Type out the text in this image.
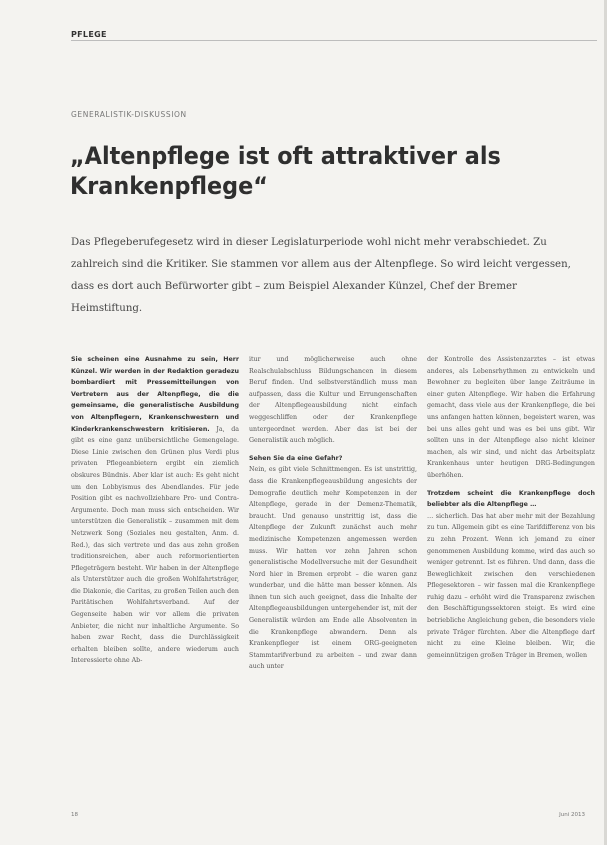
PFLEGE
GENERALISTIK-DISKUSSION
„Altenpflege ist oft attraktiver als Krankenpflege“

Das Pflegeberufegesetz wird in dieser Legislaturperiode wohl nicht mehr verabschiedet. Zu zahlreich sind die Kritiker. Sie stammen vor allem aus der Altenpflege. So wird leicht vergessen, dass es dort auch Befürworter gibt – zum Beispiel Alexander Künzel, Chef der Bremer Heimstiftung.

Sie scheinen eine Ausnahme zu sein, Herr Künzel. Wir werden in der Redaktion geradezu bombardiert mit Pressemitteilungen von Vertretern aus der Altenpflege, die die gemeinsame, die generalistische Ausbildung von Altenpflegern, Krankenschwestern und Kinderkrankenschwestern kritisieren. Ja, da gibt es eine ganz unübersichtliche Gemengelage. Diese Linie zwischen den Grünen plus Verdi plus privaten Pflegeanbietern ergibt ein ziemlich obskures Bündnis. Aber klar ist auch: Es geht nicht um den Lobbyismus des Abendlandes. Für jede Position gibt es nachvollziehbare Pro- und Contra-Argumente. Doch man muss sich entscheiden. Wir unterstützen die Generalistik – zusammen mit dem Netzwerk Song (Soziales neu gestalten, Anm. d. Red.), das sich vertrete und das aus zehn großen traditionsreichen, aber auch reformorientierten Pflegeträgern besteht. Wir haben in der Altenpflege als Unterstützer auch die großen Wohlfahrtsträger, die Diakonie, die Caritas, zu großen Teilen auch den Paritätischen Wohlfahrtsverband. Auf der Gegenseite haben wir vor allem die privaten Anbieter, die nicht nur inhaltliche Argumente. So haben zwar Recht, dass die Durchlässigkeit erhalten bleiben sollte, andere wiederum auch Interessierte ohne Ab-

itur und möglicherweise auch ohne Realschulabschluss Bildungschancen in diesem Beruf finden. Und selbstverständlich muss man aufpassen, dass die Kultur und Errungenschaften der Altenpflegeausbildung nicht einfach weggeschliffen oder der Krankenpflege untergeordnet werden. Aber das ist bei der Generalistik auch möglich.

Sehen Sie da eine Gefahr?

Nein, es gibt viele Schnittmengen. Es ist unstrittig, dass die Krankenpflegeausbildung angesichts der Demografie deutlich mehr Kompetenzen in der Altenpflege, gerade in der Demenz-Thematik, braucht. Und genauso unstrittig ist, dass die Altenpflege der Zukunft zunächst auch mehr medizinische Kompetenzen angemessen werden muss. Wir hatten vor zehn Jahren schon generalistische Modellversuche mit der Gesundheit Nord hier in Bremen erprobt – die waren ganz wunderbar, und die hätte man besser können. Als ihnen tun sich auch geeignet, dass die Inhalte der Altenpflegeausbildungen untergehender ist, mit der Generalistik würden am Ende alle Absolventen in die Krankenpflege abwandern. Denn als Krankenpfleger ist einem ORG-geeigneten Stammtarifverbund zu arbeiten – und zwar dann auch unter

der Kontrolle des Assistenzarztes – ist etwas anderes, als Lebensrhythmen zu entwickeln und Bewohner zu begleiten über lange Zeiträume in einer guten Altenpflege. Wir haben die Erfahrung gemacht, dass viele aus der Krankenpflege, die bei uns anfangen hatten können, begeistert waren, was bei uns alles geht und was es bei uns gibt. Wir sollten uns in der Altenpflege also nicht kleiner machen, als wir sind, und nicht das Arbeitsplatz Krankenhaus unter heutigen DRG-Bedingungen überhöhen.

Trotzdem scheint die Krankenpflege doch beliebter als die Altenpflege …

… sicherlich. Das hat aber mehr mit der Bezahlung zu tun. Allgemein gibt es eine Tarifdifferenz von bis zu zehn Prozent. Wenn ich jemand zu einer genommenen Ausbildung komme, wird das auch so weniger getrennt. Ist es führen. Und dann, dass die Beweglichkeit zwischen den verschiedenen Pflegesektoren – wir fassen mal die Krankenpflege ruhig dazu – erhöht wird die Transparenz zwischen den Beschäftigungssektoren steigt. Es wird eine betriebliche Angleichung geben, die besonders viele private Träger fürchten. Aber die Altenpflege darf nicht zu eine Kleine bleiben. Wir, die gemeinnützigen großen Träger in Bremen, wollen

18	Juni 2013
